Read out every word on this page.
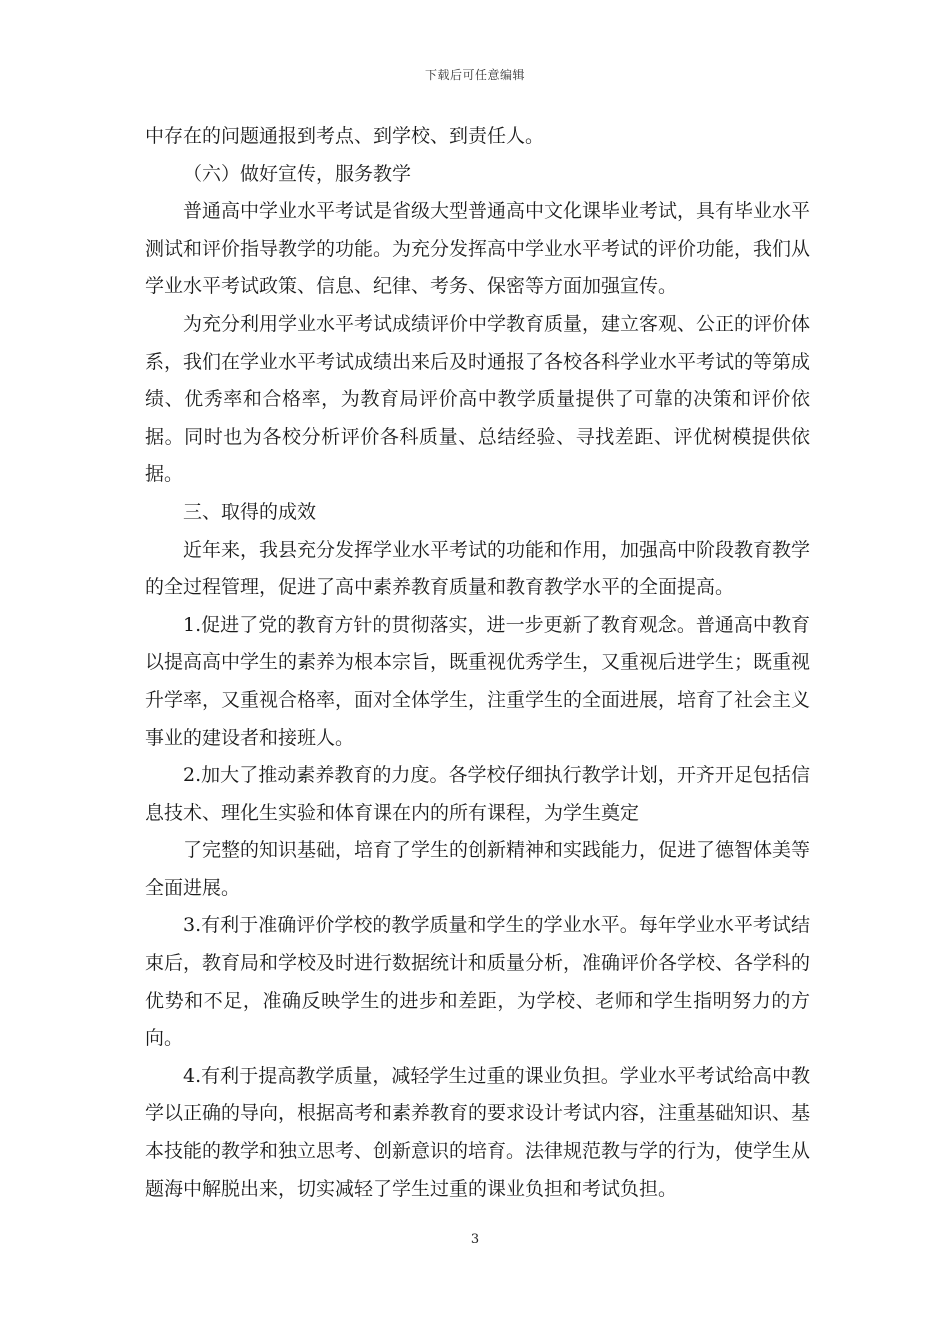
下载后可任意编辑

中存在的问题通报到考点、到学校、到责任人。

（六）做好宣传，服务教学

普通高中学业水平考试是省级大型普通高中文化课毕业考试，具有毕业水平测试和评价指导教学的功能。为充分发挥高中学业水平考试的评价功能，我们从学业水平考试政策、信息、纪律、考务、保密等方面加强宣传。

为充分利用学业水平考试成绩评价中学教育质量，建立客观、公正的评价体系，我们在学业水平考试成绩出来后及时通报了各校各科学业水平考试的等第成绩、优秀率和合格率，为教育局评价高中教学质量提供了可靠的决策和评价依据。同时也为各校分析评价各科质量、总结经验、寻找差距、评优树模提供依据。

三、取得的成效

近年来，我县充分发挥学业水平考试的功能和作用，加强高中阶段教育教学的全过程管理，促进了高中素养教育质量和教育教学水平的全面提高。

1.促进了党的教育方针的贯彻落实，进一步更新了教育观念。普通高中教育以提高高中学生的素养为根本宗旨，既重视优秀学生，又重视后进学生；既重视升学率，又重视合格率，面对全体学生，注重学生的全面进展，培育了社会主义事业的建设者和接班人。

2.加大了推动素养教育的力度。各学校仔细执行教学计划，开齐开足包括信息技术、理化生实验和体育课在内的所有课程，为学生奠定

了完整的知识基础，培育了学生的创新精神和实践能力，促进了德智体美等全面进展。

3.有利于准确评价学校的教学质量和学生的学业水平。每年学业水平考试结束后，教育局和学校及时进行数据统计和质量分析，准确评价各学校、各学科的优势和不足，准确反映学生的进步和差距，为学校、老师和学生指明努力的方向。

4.有利于提高教学质量，减轻学生过重的课业负担。学业水平考试给高中教学以正确的导向，根据高考和素养教育的要求设计考试内容，注重基础知识、基本技能的教学和独立思考、创新意识的培育。法律规范教与学的行为，使学生从题海中解脱出来，切实减轻了学生过重的课业负担和考试负担。

3
